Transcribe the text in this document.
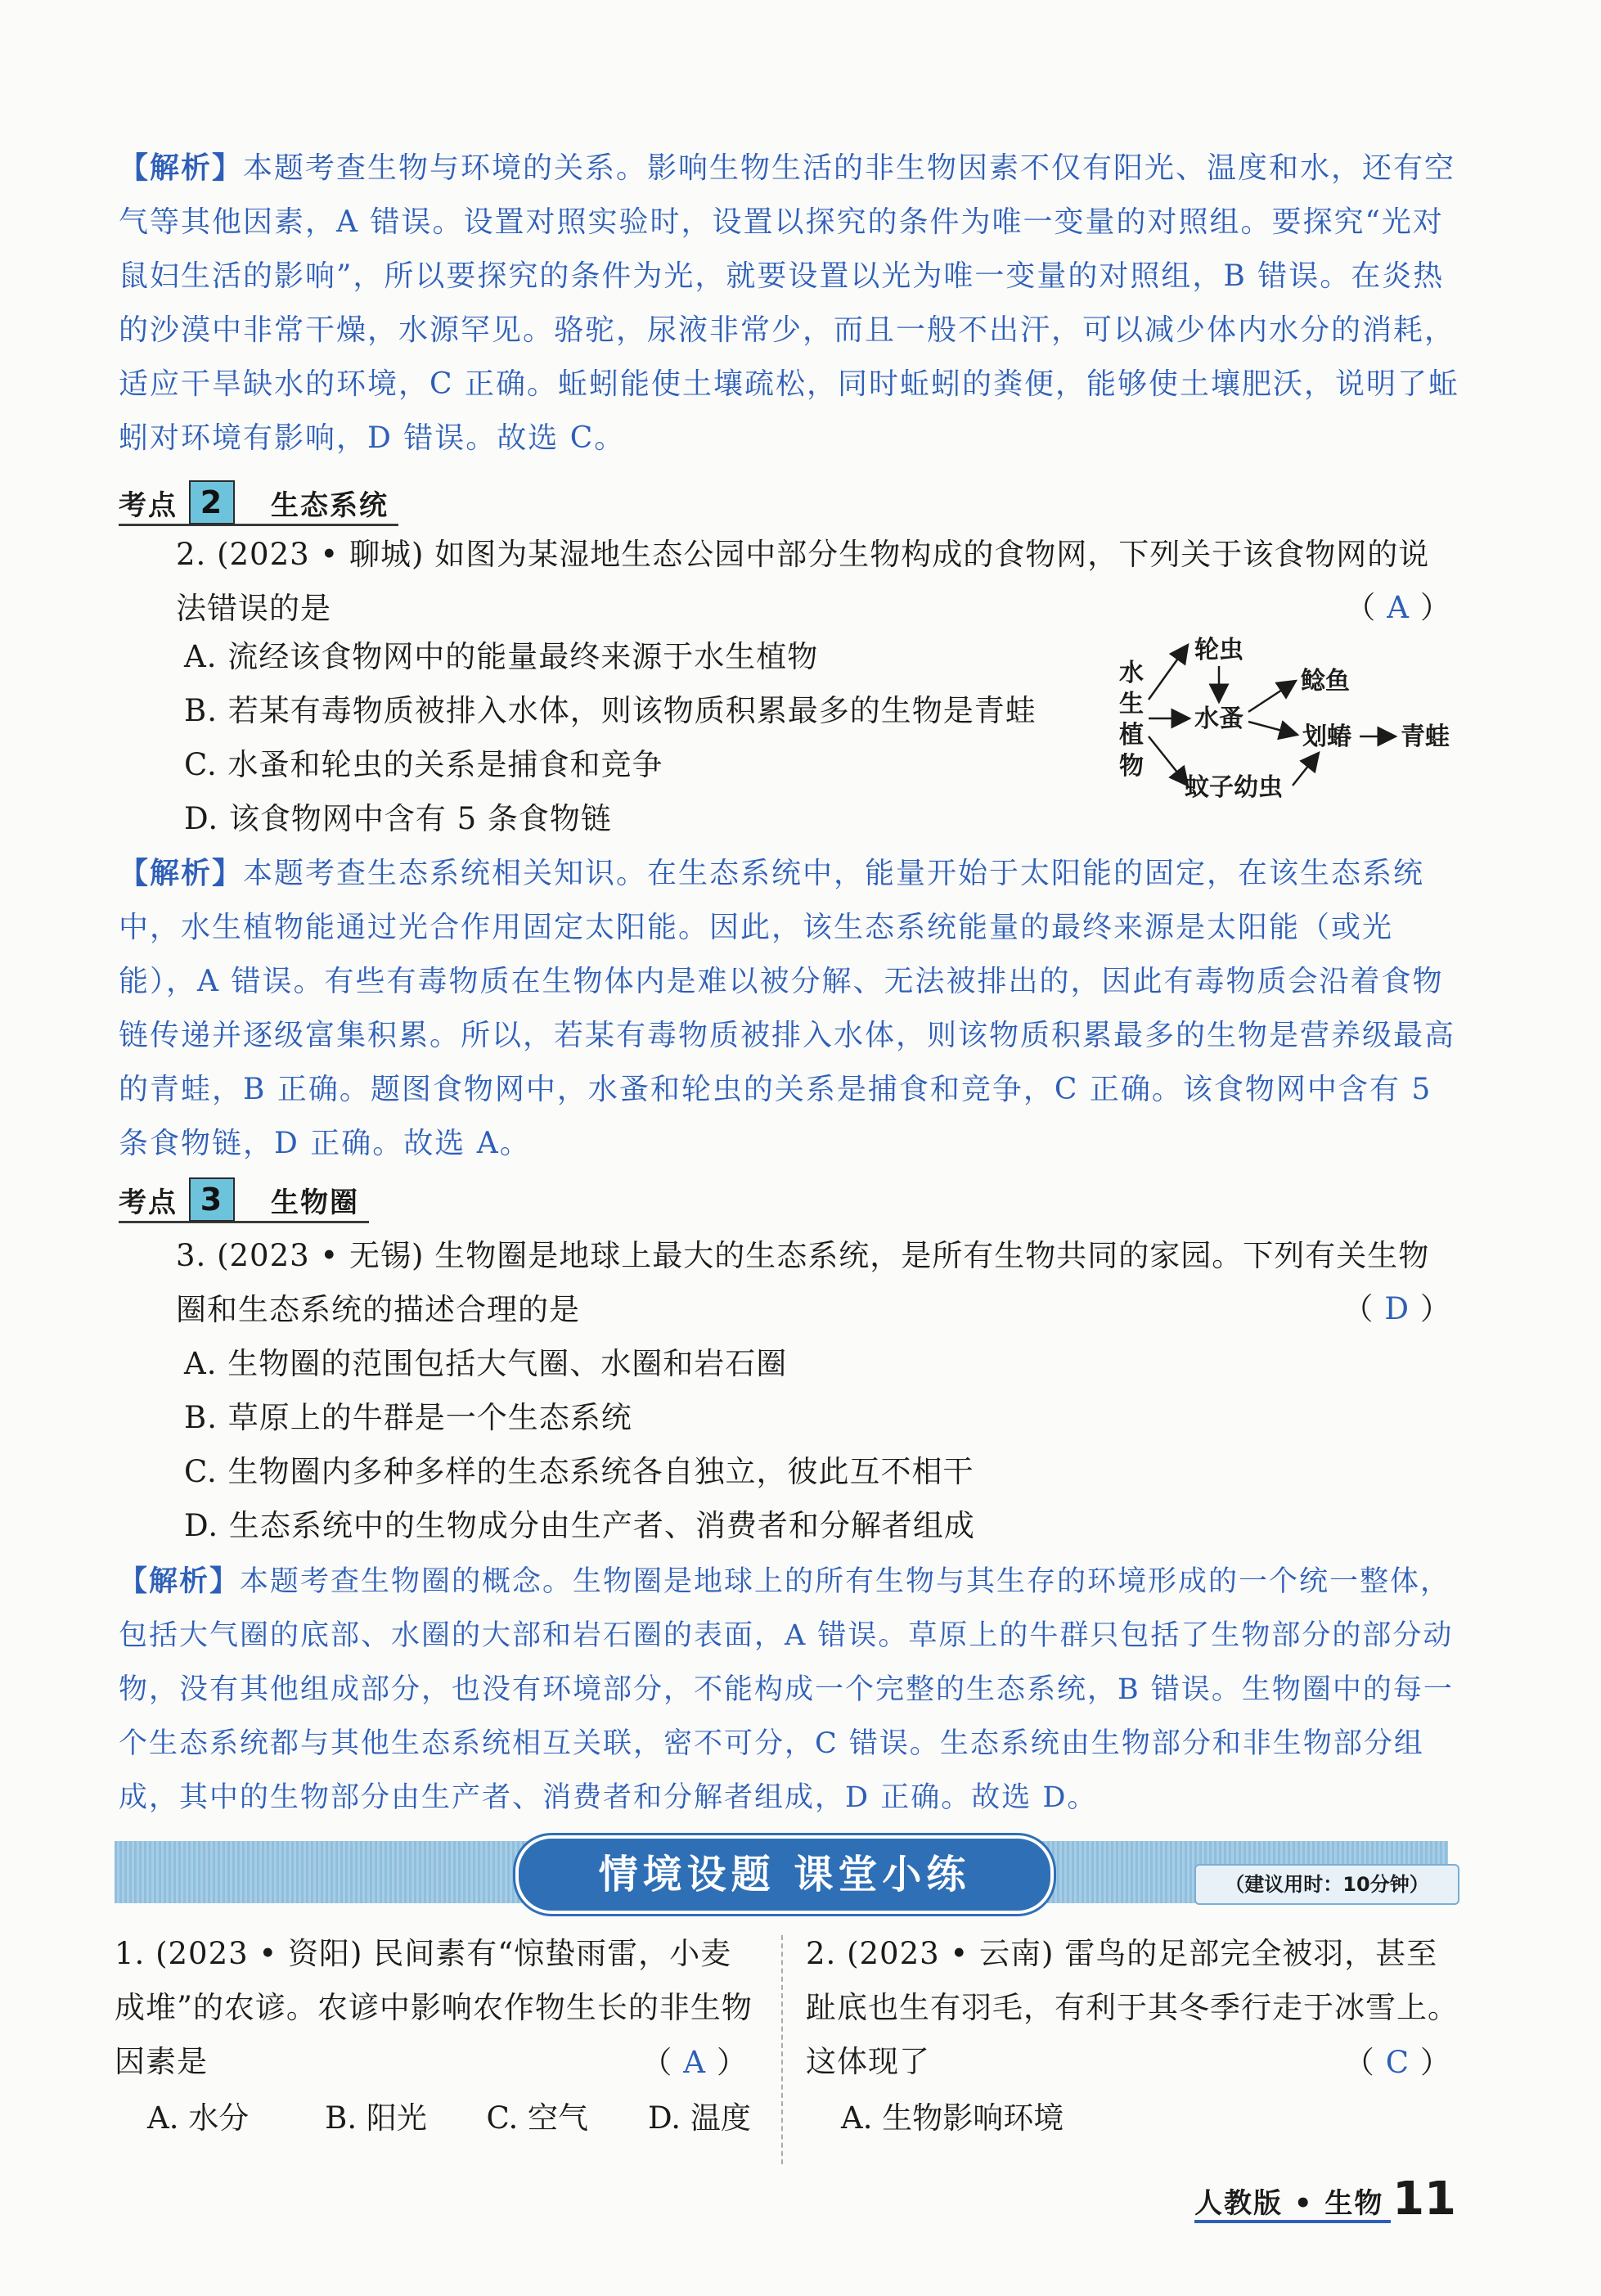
【解析】本题考查生物与环境的关系。影响生物生活的非生物因素不仅有阳光、温度和水，还有空气等其他因素，A 错误。设置对照实验时，设置以探究的条件为唯一变量的对照组。要探究“光对鼠妇生活的影响”，所以要探究的条件为光，就要设置以光为唯一变量的对照组，B 错误。在炎热的沙漠中非常干燥，水源罕见。骆驼，尿液非常少，而且一般不出汗，可以减少体内水分的消耗，适应干旱缺水的环境，C 正确。蚯蚓能使土壤疏松，同时蚯蚓的粪便，能够使土壤肥沃，说明了蚯蚓对环境有影响，D 错误。故选 C。
考点 2	生态系统
2. (2023 • 聊城) 如图为某湿地生态公园中部分生物构成的食物网，下列关于该食物网的说法错误的是	（A）
A. 流经该食物网中的能量最终来源于水生植物
B. 若某有毒物质被排入水体，则该物质积累最多的生物是青蛙
C. 水蚤和轮虫的关系是捕食和竞争
D. 该食物网中含有 5 条食物链
水
生
植
物
轮虫
水蚤
蚊子幼虫
鲶鱼
划蝽 青蛙
【解析】本题考查生态系统相关知识。在生态系统中，能量开始于太阳能的固定，在该生态系统中，水生植物能通过光合作用固定太阳能。因此，该生态系统能量的最终来源是太阳能（或光能），A 错误。有些有毒物质在生物体内是难以被分解、无法被排出的，因此有毒物质会沿着食物链传递并逐级富集积累。所以，若某有毒物质被排入水体，则该物质积累最多的生物是营养级最高的青蛙，B 正确。题图食物网中，水蚤和轮虫的关系是捕食和竞争，C 正确。该食物网中含有 5 条食物链，D 正确。故选 A。
考点 3	生物圈
3. (2023 • 无锡) 生物圈是地球上最大的生态系统，是所有生物共同的家园。下列有关生物圈和生态系统的描述合理的是	（D）
A. 生物圈的范围包括大气圈、水圈和岩石圈
B. 草原上的牛群是一个生态系统
C. 生物圈内多种多样的生态系统各自独立，彼此互不相干
D. 生态系统中的生物成分由生产者、消费者和分解者组成
【解析】本题考查生物圈的概念。生物圈是地球上的所有生物与其生存的环境形成的一个统一整体，包括大气圈的底部、水圈的大部和岩石圈的表面，A 错误。草原上的牛群只包括了生物部分的部分动物，没有其他组成部分，也没有环境部分，不能构成一个完整的生态系统，B 错误。生物圈中的每一个生态系统都与其他生态系统相互关联，密不可分，C 错误。生态系统由生物部分和非生物部分组成，其中的生物部分由生产者、消费者和分解者组成，D 正确。故选 D。
情境设题 课堂小练	（建议用时：10分钟）
1. (2023 • 资阳) 民间素有“惊蛰雨雷，小麦成堆”的农谚。农谚中影响农作物生长的非生物因素是	（A）
A. 水分	B. 阳光	C. 空气	D. 温度
2. (2023 • 云南) 雷鸟的足部完全被羽，甚至趾底也生有羽毛，有利于其冬季行走于冰雪上。这体现了	（C）
A. 生物影响环境
人教版 • 生物 11
